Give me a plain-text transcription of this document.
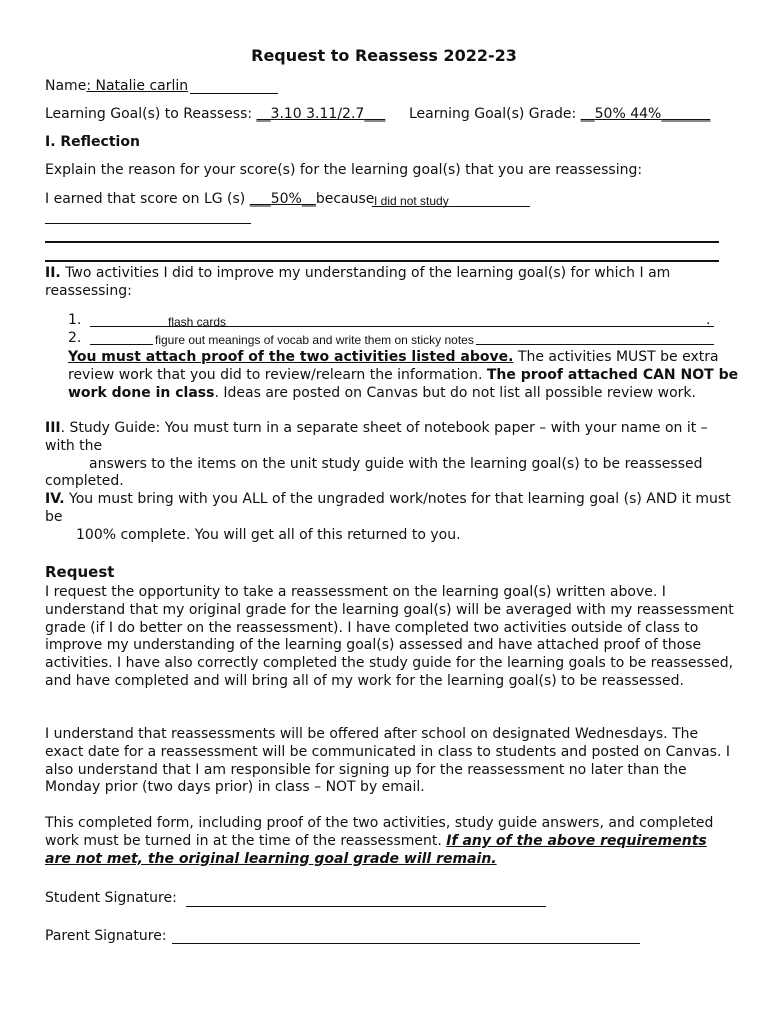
Request to Reassess 2022-23
Name: Natalie carlin
Learning Goal(s) to Reassess: __3.10 3.11/2.7___ Learning Goal(s) Grade: __50% 44%_______
I. Reflection
Explain the reason for your score(s) for the learning goal(s) that you are reassessing:
I earned that score on LG (s) ___50%__because I did not study
II. Two activities I did to improve my understanding of the learning goal(s) for which I am reassessing:
1.	flash cards	.
2.	figure out meanings of vocab and write them on sticky notes
You must attach proof of the two activities listed above. The activities MUST be extra review work that you did to review/relearn the information. The proof attached CAN NOT be work done in class. Ideas are posted on Canvas but do not list all possible review work.
III. Study Guide: You must turn in a separate sheet of notebook paper – with your name on it – with the
answers to the items on the unit study guide with the learning goal(s) to be reassessed completed.
IV. You must bring with you ALL of the ungraded work/notes for that learning goal (s) AND it must be
100% complete. You will get all of this returned to you.
Request
I request the opportunity to take a reassessment on the learning goal(s) written above. I understand that my original grade for the learning goal(s) will be averaged with my reassessment grade (if I do better on the reassessment). I have completed two activities outside of class to improve my understanding of the learning goal(s) assessed and have attached proof of those activities. I have also correctly completed the study guide for the learning goals to be reassessed, and have completed and will bring all of my work for the learning goal(s) to be reassessed.
I understand that reassessments will be offered after school on designated Wednesdays. The exact date for a reassessment will be communicated in class to students and posted on Canvas. I also understand that I am responsible for signing up for the reassessment no later than the Monday prior (two days prior) in class – NOT by email.
This completed form, including proof of the two activities, study guide answers, and completed work must be turned in at the time of the reassessment. If any of the above requirements are not met, the original learning goal grade will remain.
Student Signature:
Parent Signature:
